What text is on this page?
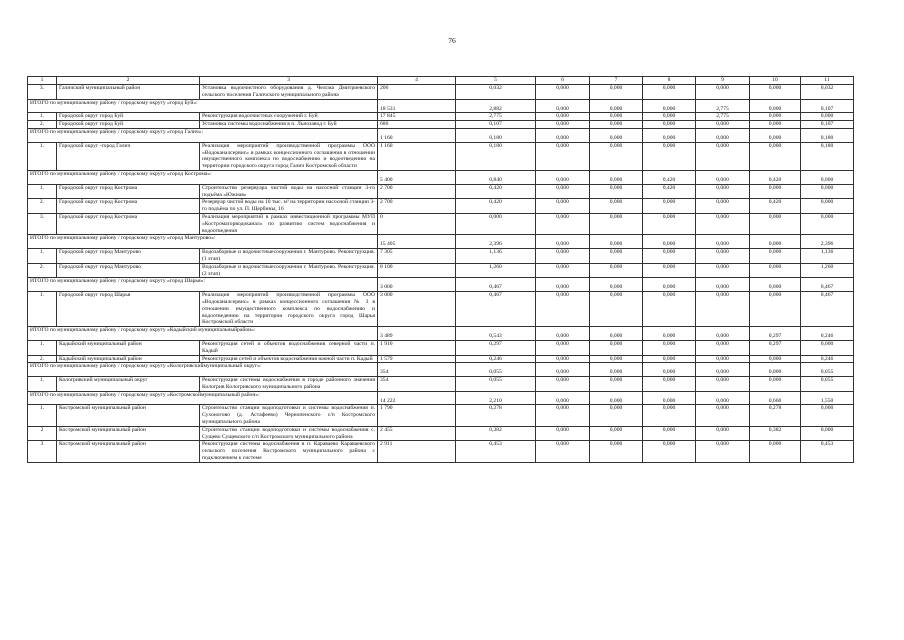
76
1	2	3	4	5	6	7	8	9	10	11
3.	Галичский муниципальный район	Установка водоочистного оборудования д. Челсма Дмитриевского сельского поселения Галичского муниципального района	206	0,032	0,000	0,000	0,000	0,000	0,000	0,032
ИТОГО по муниципальному району / городскому округу «город Буй»:			18 531	2,882	0,000	0,000	0,000	2,775	0,000	0,107

1.	Городской округ город Буй	Реконструкция водоочистных сооружений г. Буй	17 845	2,775	0,000	0,000	0,000	2,775	0,000	0,000
2.	Городской округ город Буй	Установка системы водоснабжения в п. Льнозавод г. Буй	686	0,107	0,000	0,000	0,000	0,000	0,000	0,107
ИТОГО по муниципальному району / городскому округу «город Галич»:			1 160	0,180	0,000	0,000	0,000	0,000	0,000	0,180

1.	Городской округ -город Галич	Реализация мероприятий производственной программы ООО «Водоканалсервис» в рамках концессионного соглашения в отношении имущественного комплекса по водоснабжению и водоотведению на территории городского округа город Галич Костромской области	1 160	0,180	0,000	0,000	0,000	0,000	0,000	0,180
ИТОГО по муниципальному району / городскому округу «город Кострома»:			5 400	0,840	0,000	0,000	0,420	0,000	0,420	0,000

1.	Городской округ город Кострома	Строительство резервуара чистой воды на насосной станции 3-го подъёма «Южная»	2 700	0,420	0,000	0,000	0,420	0,000	0,000	0,000
2.	Городской округ город Кострома	Резервуар чистой воды на 10 тыс. м³ на территории насосной станции 3-го подъёма по ул. П. Щербины, 16	2 700	0,420	0,000	0,000	0,000	0,000	0,420	0,000
3.	Городской округ город Кострома	Реализация мероприятий в рамках инвестиционной программы МУП «Костромагорводоканал» по развитию систем водоснабжения и водоотведения	0	0,000	0,000	0,000	0,000	0,000	0,000	0,000
ИТОГО по муниципальному району / городскому округу «город Мантурово»:			15 405	2,396	0,000	0,000	0,000	0,000	0,000	2,396

1.	Городской округ город Мантурово	Водозаборные и водочистныесооружения г. Мантурово. Реконструкция. (1 этап)	7 305	1,136	0,000	0,000	0,000	0,000	0,000	1,136
2.	Городской округ город Мантурово	Водозаборные и водочистныесооружения г. Мантурово. Реконструкция. (2 этап)	8 100	1,260	0,000	0,000	0,000	0,000	0,000	1,260
ИТОГО по муниципальному району / городскому округу «город Шарья»:			3 000	0,467	0,000	0,000	0,000	0,000	0,000	0,467

1.	Городской округ город Шарья	Реализация мероприятий производственной программы ООО «Водоканалсервис» в рамках концессионного соглашения № 3 в отношении имущественного комплекса по водоснабжению и водоотведению на территории городского округа город Шарья Костромской области	3 000	0,467	0,000	0,000	0,000	0,000	0,000	0,467
ИТОГО по муниципальному району / городскому округу «Кадыйский муниципальныйрайон»:			3 489	0,543	0,000	0,000	0,000	0,000	0,297	0,246

1.	Кадыйский муниципальный район	Реконструкция сетей и объектов водоснабжения северной части п. Кадый	1 910	0,297	0,000	0,000	0,000	0,000	0,297	0,000
2.	Кадыйский муниципальный район	Реконструкция сетей и объектов водоснабжения южной части п. Кадый	1 579	0,246	0,000	0,000	0,000	0,000	0,000	0,246
ИТОГО по муниципальному району / городскому округу «Кологривскиймуниципальный округ»:			354	0,055	0,000	0,000	0,000	0,000	0,000	0,055

1.	Кологривский муниципальный округ	Реконструкция системы водоснабжения в городе районного значения Кологрив Кологривского муниципального района	354	0,055	0,000	0,000	0,000	0,000	0,000	0,055
ИТОГО по муниципальному району / городскому округу «Костромскоймуниципальный район»:			14 222	2,210	0,000	0,000	0,000	0,000	0,660	1,550

1.	Костромской муниципальный район	Строительство станции водоподготовки и системы водоснабжения п. Сухоногово (д. Астафеево) Чернопенского с/п Костромского муниципального района	1 790	0,278	0,000	0,000	0,000	0,000	0,278	0,000
2	Костромской муниципальный район	Строительство станции водоподготовки и системы водоснабжения с. Сущево Сущевского с/п Костромского муниципального района	2 455	0,382	0,000	0,000	0,000	0,000	0,382	0,000
3	Костромской муниципальный район	Реконструкция системы водоснабжения в п. Караваево Караваевского сельского поселения Костромского муниципального района с подключением к системе	2 911	0,453	0,000	0,000	0,000	0,000	0,000	0,453
